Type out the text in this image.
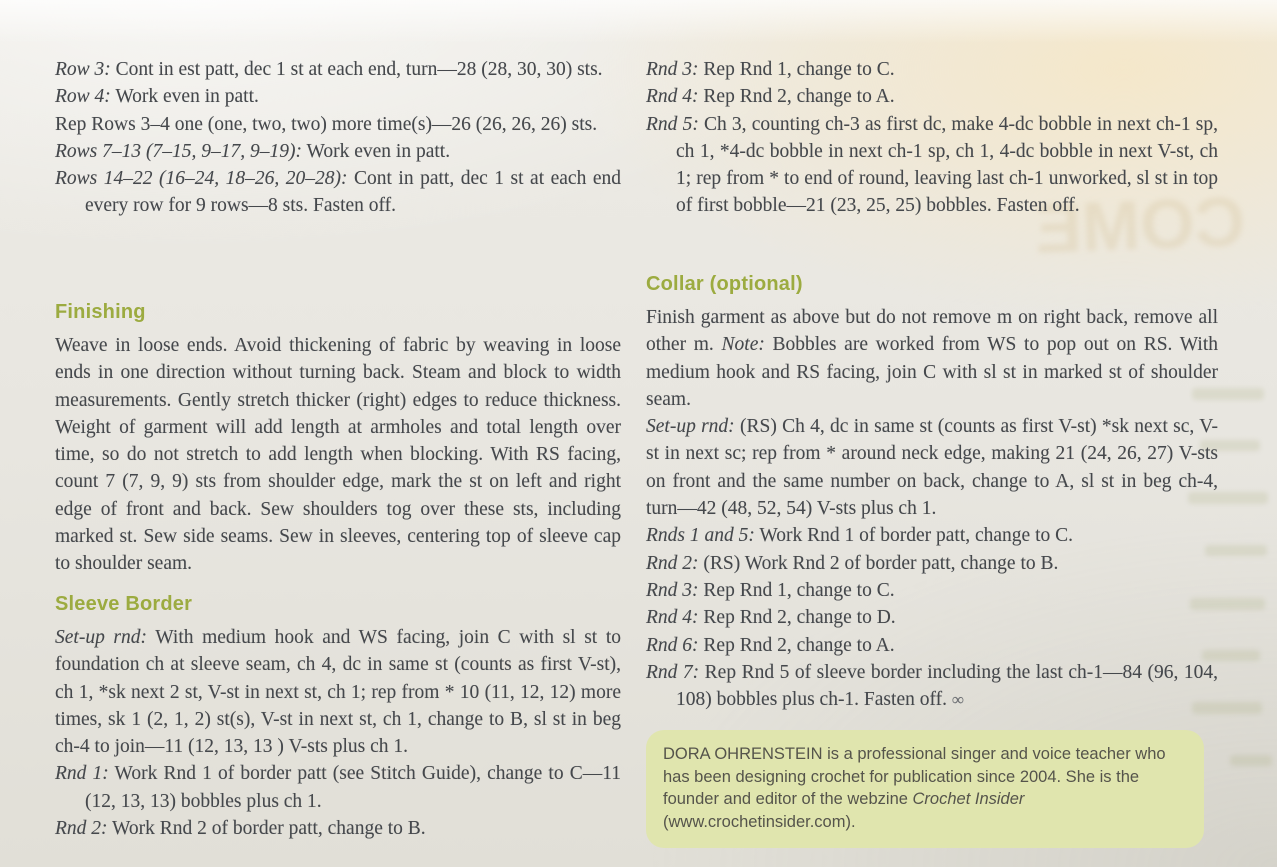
COME

Row 3: Cont in est patt, dec 1 st at each end, turn—28 (28, 30, 30) sts.

Row 4: Work even in patt.

Rep Rows 3–4 one (one, two, two) more time(s)—26 (26, 26, 26) sts.

Rows 7–13 (7–15, 9–17, 9–19): Work even in patt.

Rows 14–22 (16–24, 18–26, 20–28): Cont in patt, dec 1 st at each end every row for 9 rows—8 sts. Fasten off.

Finishing

Weave in loose ends. Avoid thickening of fabric by weaving in loose ends in one direction without turning back. Steam and block to width measurements. Gently stretch thicker (right) edges to reduce thickness. Weight of garment will add length at armholes and total length over time, so do not stretch to add length when blocking. With RS facing, count 7 (7, 9, 9) sts from shoulder edge, mark the st on left and right edge of front and back. Sew shoulders tog over these sts, including marked st. Sew side seams. Sew in sleeves, centering top of sleeve cap to shoulder seam.

Sleeve Border

Set-up rnd: With medium hook and WS facing, join C with sl st to foundation ch at sleeve seam, ch 4, dc in same st (counts as first V-st), ch 1, *sk next 2 st, V-st in next st, ch 1; rep from * 10 (11, 12, 12) more times, sk 1 (2, 1, 2) st(s), V-st in next st, ch 1, change to B, sl st in beg ch-4 to join—11 (12, 13, 13 ) V-sts plus ch 1.

Rnd 1: Work Rnd 1 of border patt (see Stitch Guide), change to C—11 (12, 13, 13) bobbles plus ch 1.

Rnd 2: Work Rnd 2 of border patt, change to B.

Rnd 3: Rep Rnd 1, change to C.

Rnd 4: Rep Rnd 2, change to A.

Rnd 5: Ch 3, counting ch-3 as first dc, make 4-dc bobble in next ch-1 sp, ch 1, *4-dc bobble in next ch-1 sp, ch 1, 4-dc bobble in next V-st, ch 1; rep from * to end of round, leaving last ch-1 unworked, sl st in top of first bobble—21 (23, 25, 25) bobbles. Fasten off.

Collar (optional)

Finish garment as above but do not remove m on right back, remove all other m. Note: Bobbles are worked from WS to pop out on RS. With medium hook and RS facing, join C with sl st in marked st of shoulder seam.

Set-up rnd: (RS) Ch 4, dc in same st (counts as first V-st) *sk next sc, V-st in next sc; rep from * around neck edge, making 21 (24, 26, 27) V-sts on front and the same number on back, change to A, sl st in beg ch-4, turn—42 (48, 52, 54) V-sts plus ch 1.

Rnds 1 and 5: Work Rnd 1 of border patt, change to C.

Rnd 2: (RS) Work Rnd 2 of border patt, change to B.

Rnd 3: Rep Rnd 1, change to C.

Rnd 4: Rep Rnd 2, change to D.

Rnd 6: Rep Rnd 2, change to A.

Rnd 7: Rep Rnd 5 of sleeve border including the last ch-1—84 (96, 104, 108) bobbles plus ch-1. Fasten off. ∞

DORA OHRENSTEIN is a professional singer and voice teacher who has been designing crochet for publication since 2004. She is the founder and editor of the webzine Crochet Insider (www.crochetinsider.com).
